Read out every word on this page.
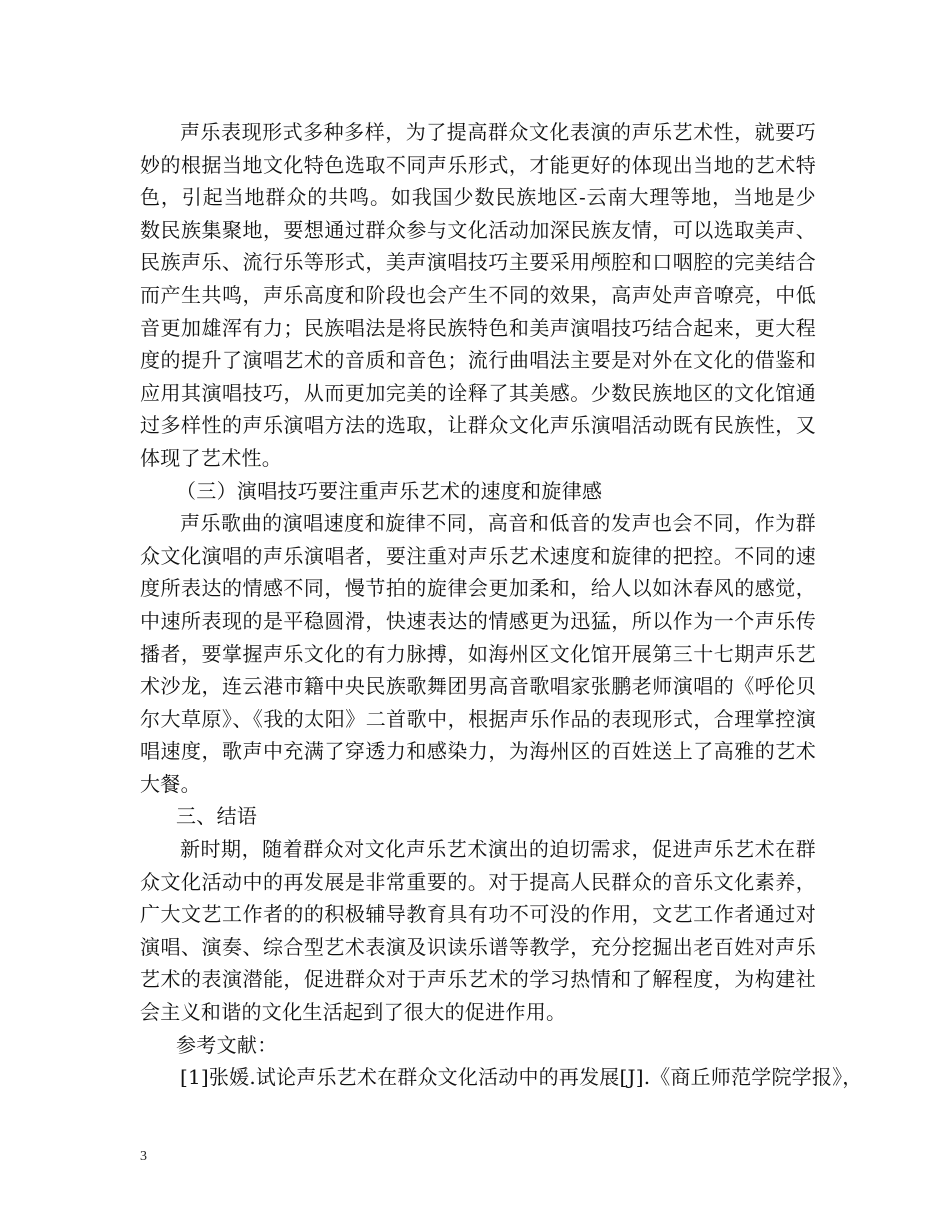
声乐表现形式多种多样，为了提高群众文化表演的声乐艺术性，就要巧妙的根据当地文化特色选取不同声乐形式，才能更好的体现出当地的艺术特色，引起当地群众的共鸣。如我国少数民族地区-云南大理等地，当地是少数民族集聚地，要想通过群众参与文化活动加深民族友情，可以选取美声、民族声乐、流行乐等形式，美声演唱技巧主要采用颅腔和口咽腔的完美结合而产生共鸣，声乐高度和阶段也会产生不同的效果，高声处声音嘹亮，中低音更加雄浑有力；民族唱法是将民族特色和美声演唱技巧结合起来，更大程度的提升了演唱艺术的音质和音色；流行曲唱法主要是对外在文化的借鉴和应用其演唱技巧，从而更加完美的诠释了其美感。少数民族地区的文化馆通过多样性的声乐演唱方法的选取，让群众文化声乐演唱活动既有民族性，又体现了艺术性。

（三）演唱技巧要注重声乐艺术的速度和旋律感

声乐歌曲的演唱速度和旋律不同，高音和低音的发声也会不同，作为群众文化演唱的声乐演唱者，要注重对声乐艺术速度和旋律的把控。不同的速度所表达的情感不同，慢节拍的旋律会更加柔和，给人以如沐春风的感觉，中速所表现的是平稳圆滑，快速表达的情感更为迅猛，所以作为一个声乐传播者，要掌握声乐文化的有力脉搏，如海州区文化馆开展第三十七期声乐艺术沙龙，连云港市籍中央民族歌舞团男高音歌唱家张鹏老师演唱的《呼伦贝尔大草原》、《我的太阳》二首歌中，根据声乐作品的表现形式，合理掌控演唱速度，歌声中充满了穿透力和感染力，为海州区的百姓送上了高雅的艺术大餐。

三、结语

新时期，随着群众对文化声乐艺术演出的迫切需求，促进声乐艺术在群众文化活动中的再发展是非常重要的。对于提高人民群众的音乐文化素养，广大文艺工作者的的积极辅导教育具有功不可没的作用，文艺工作者通过对演唱、演奏、综合型艺术表演及识读乐谱等教学，充分挖掘出老百姓对声乐艺术的表演潜能，促进群众对于声乐艺术的学习热情和了解程度，为构建社会主义和谐的文化生活起到了很大的促进作用。

参考文献：

[1]张媛.试论声乐艺术在群众文化活动中的再发展[J].《商丘师范学院学报》，

3
